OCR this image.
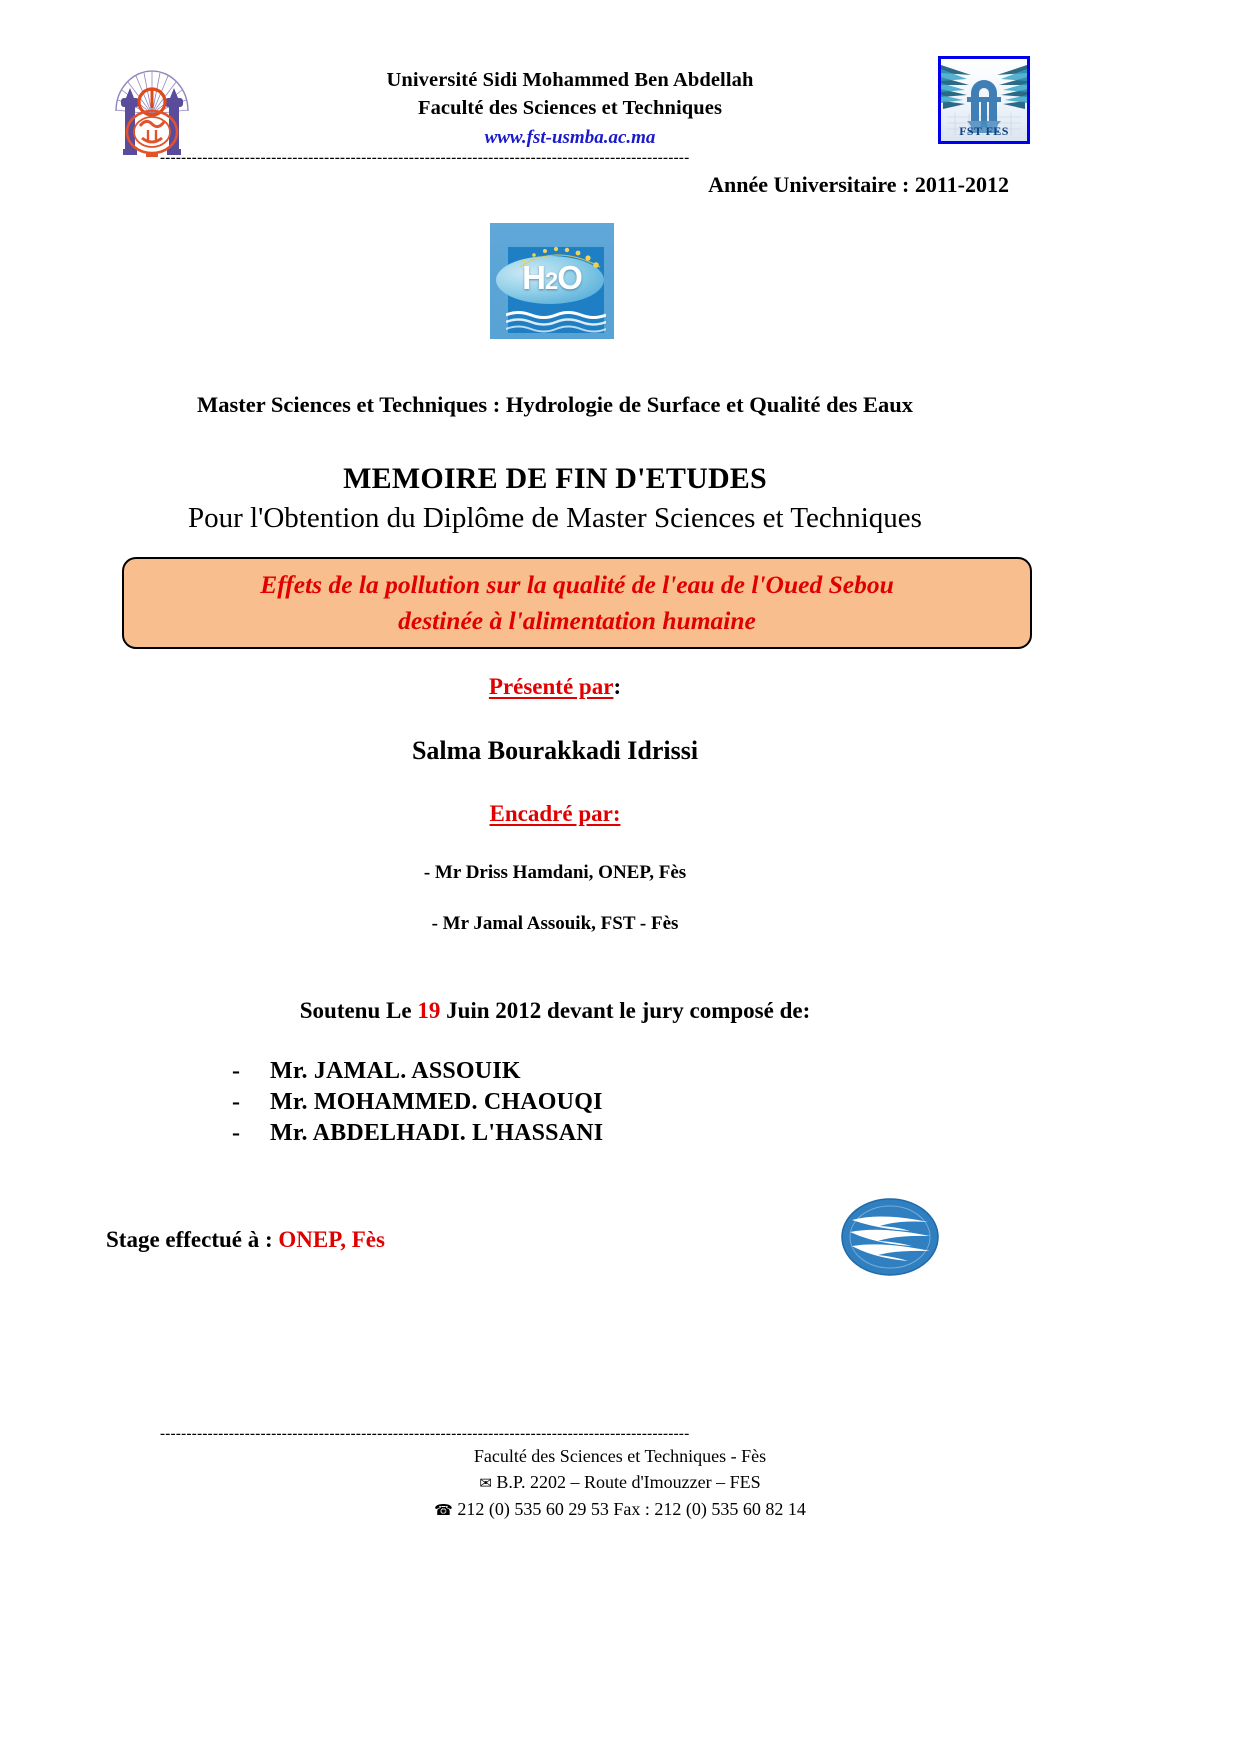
Université Sidi Mohammed Ben Abdellah
Faculté des Sciences et Techniques
www.fst-usmba.ac.ma	FST FES
----------------------------------------------------------------------------------------------------
Année Universitaire : 2011-2012
H2O
Master Sciences et Techniques : Hydrologie de Surface et Qualité des Eaux
MEMOIRE DE FIN D'ETUDES
Pour l'Obtention du Diplôme de Master Sciences et Techniques
Effets de la pollution sur la qualité de l'eau de l'Oued Sebou
destinée à l'alimentation humaine
Présenté par:
Salma Bourakkadi Idrissi
Encadré par:
- Mr Driss Hamdani, ONEP, Fès
- Mr Jamal Assouik, FST - Fès
Soutenu Le 19 Juin 2012 devant le jury composé de:
-	Mr. JAMAL. ASSOUIK
-	Mr. MOHAMMED. CHAOUQI
-	Mr. ABDELHADI. L'HASSANI
Stage effectué à : ONEP, Fès
----------------------------------------------------------------------------------------------------
Faculté des Sciences et Techniques - Fès
✉ B.P. 2202 – Route d'Imouzzer – FES
☎ 212 (0) 535 60 29 53 Fax : 212 (0) 535 60 82 14
